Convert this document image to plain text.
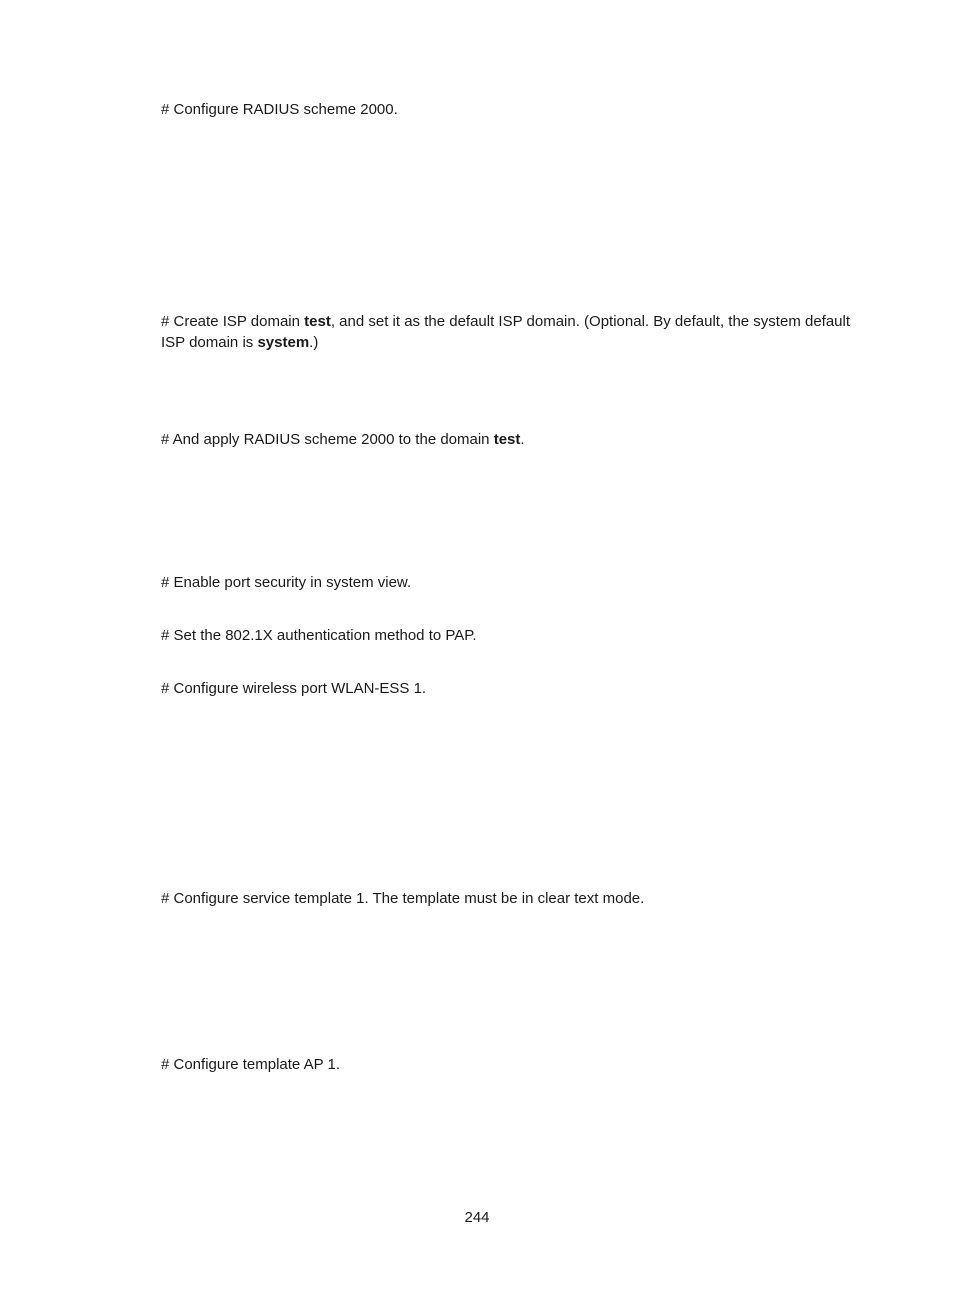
# Configure RADIUS scheme 2000.

# Create ISP domain test, and set it as the default ISP domain. (Optional. By default, the system default ISP domain is system.)

# And apply RADIUS scheme 2000 to the domain test.

# Enable port security in system view.

# Set the 802.1X authentication method to PAP.

# Configure wireless port WLAN-ESS 1.

# Configure service template 1. The template must be in clear text mode.

# Configure template AP 1.

244
